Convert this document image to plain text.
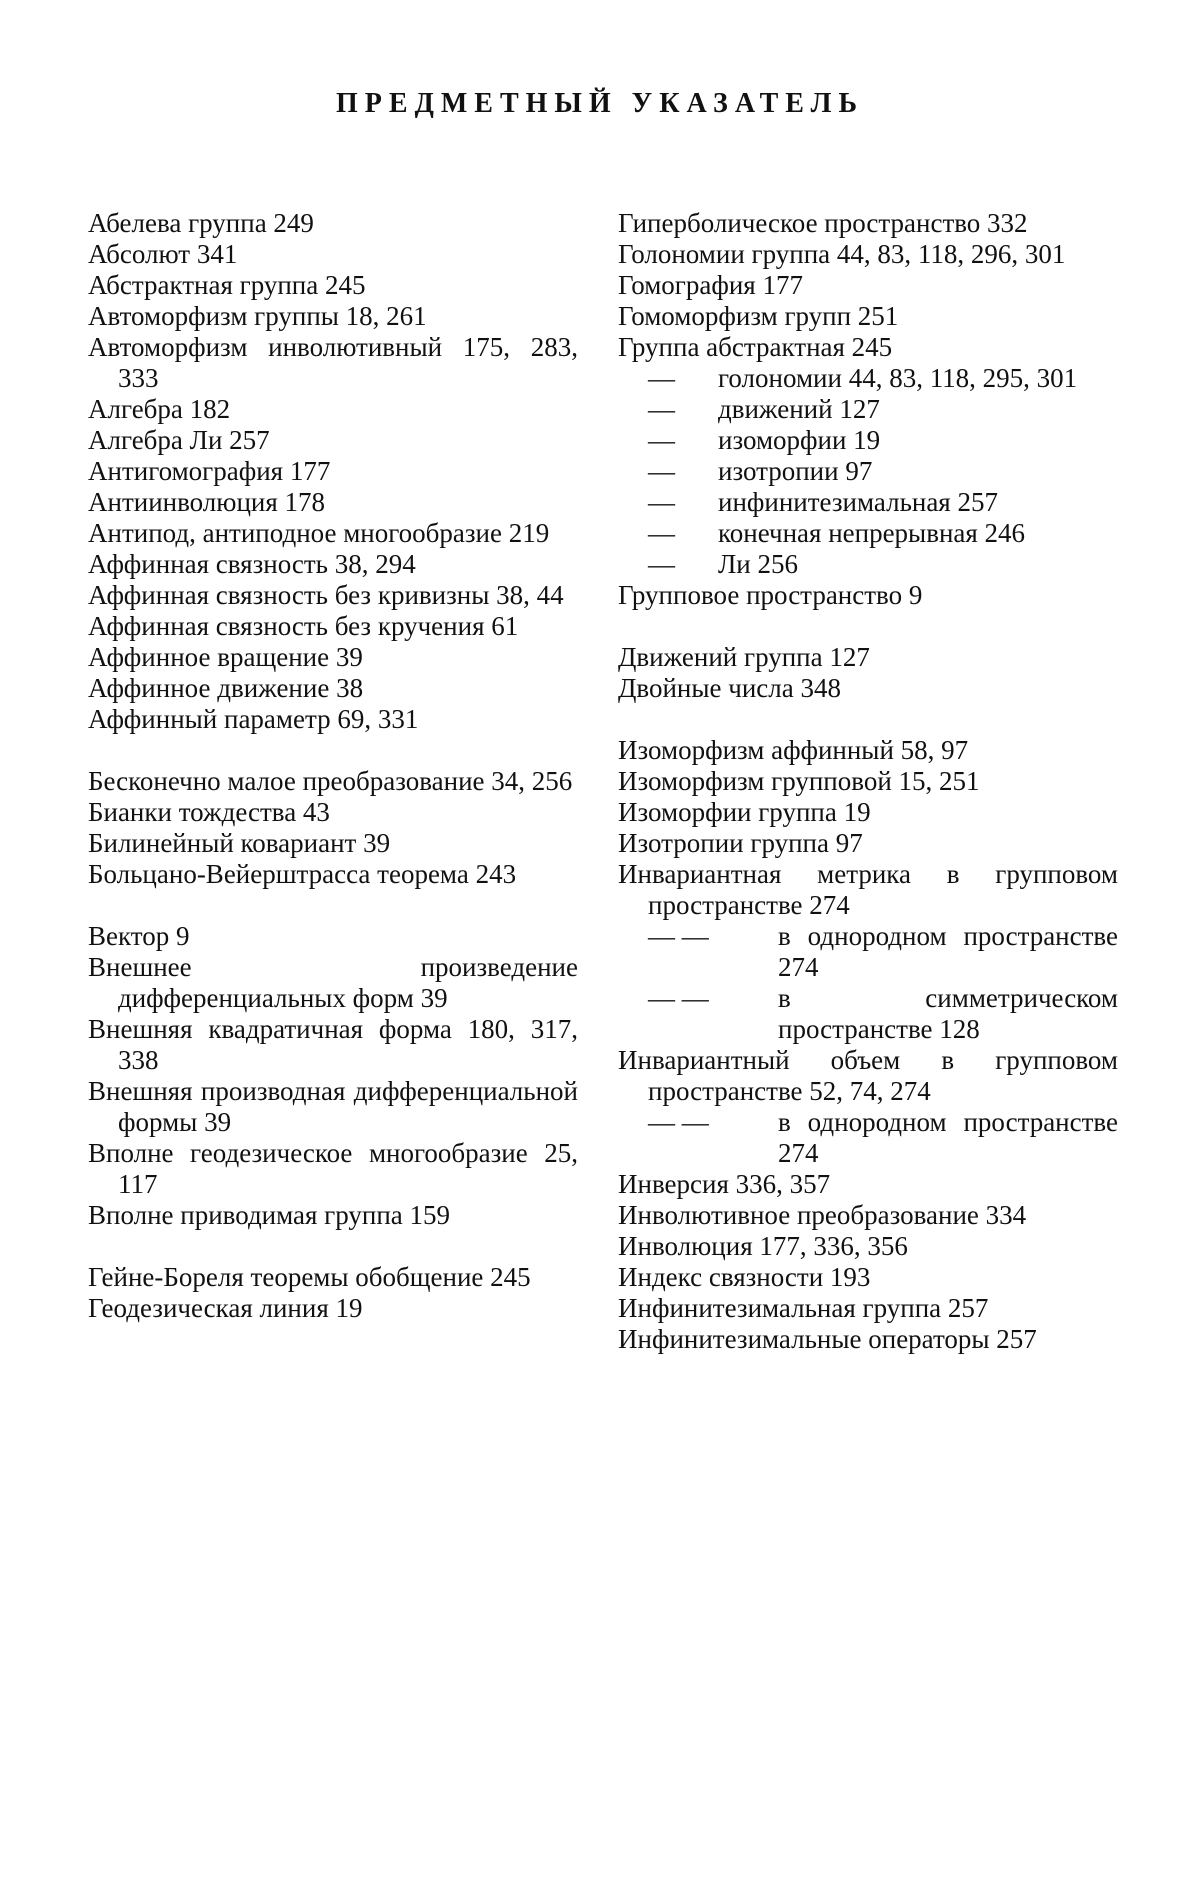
ПРЕДМЕТНЫЙ УКАЗАТЕЛЬ
Абелева группа 249
Абсолют 341
Абстрактная группа 245
Автоморфизм группы 18, 261
Автоморфизм инволютивный 175, 283, 333
Алгебра 182
Алгебра Ли 257
Антигомография 177
Антиинволюция 178
Антипод, антиподное многообразие 219
Аффинная связность 38, 294
Аффинная связность без кривизны 38, 44
Аффинная связность без кручения 61
Аффинное вращение 39
Аффинное движение 38
Аффинный параметр 69, 331
Бесконечно малое преобразование 34, 256
Бианки тождества 43
Билинейный ковариант 39
Больцано-Вейерштрасса теорема 243
Вектор 9
Внешнее произведение дифференциальных форм 39
Внешняя квадратичная форма 180, 317, 338
Внешняя производная дифференциальной формы 39
Вполне геодезическое многообразие 25, 117
Вполне приводимая группа 159
Гейне-Бореля теоремы обобщение 245
Геодезическая линия 19
Гиперболическое пространство 332
Голономии группа 44, 83, 118, 296, 301
Гомография 177
Гомоморфизм групп 251
Группа абстрактная 245
—	голономии 44, 83, 118, 295, 301
—	движений 127
—	изоморфии 19
—	изотропии 97
—	инфинитезимальная 257
—	конечная непрерывная 246
—	Ли 256
Групповое пространство 9
Движений группа 127
Двойные числа 348
Изоморфизм аффинный 58, 97
Изоморфизм групповой 15, 251
Изоморфии группа 19
Изотропии группа 97
Инвариантная метрика в групповом пространстве 274
— —	в однородном пространстве 274
— —	в симметрическом пространстве 128
Инвариантный объем в групповом пространстве 52, 74, 274
— —	в однородном пространстве 274
Инверсия 336, 357
Инволютивное преобразование 334
Инволюция 177, 336, 356
Индекс связности 193
Инфинитезимальная группа 257
Инфинитезимальные операторы 257
